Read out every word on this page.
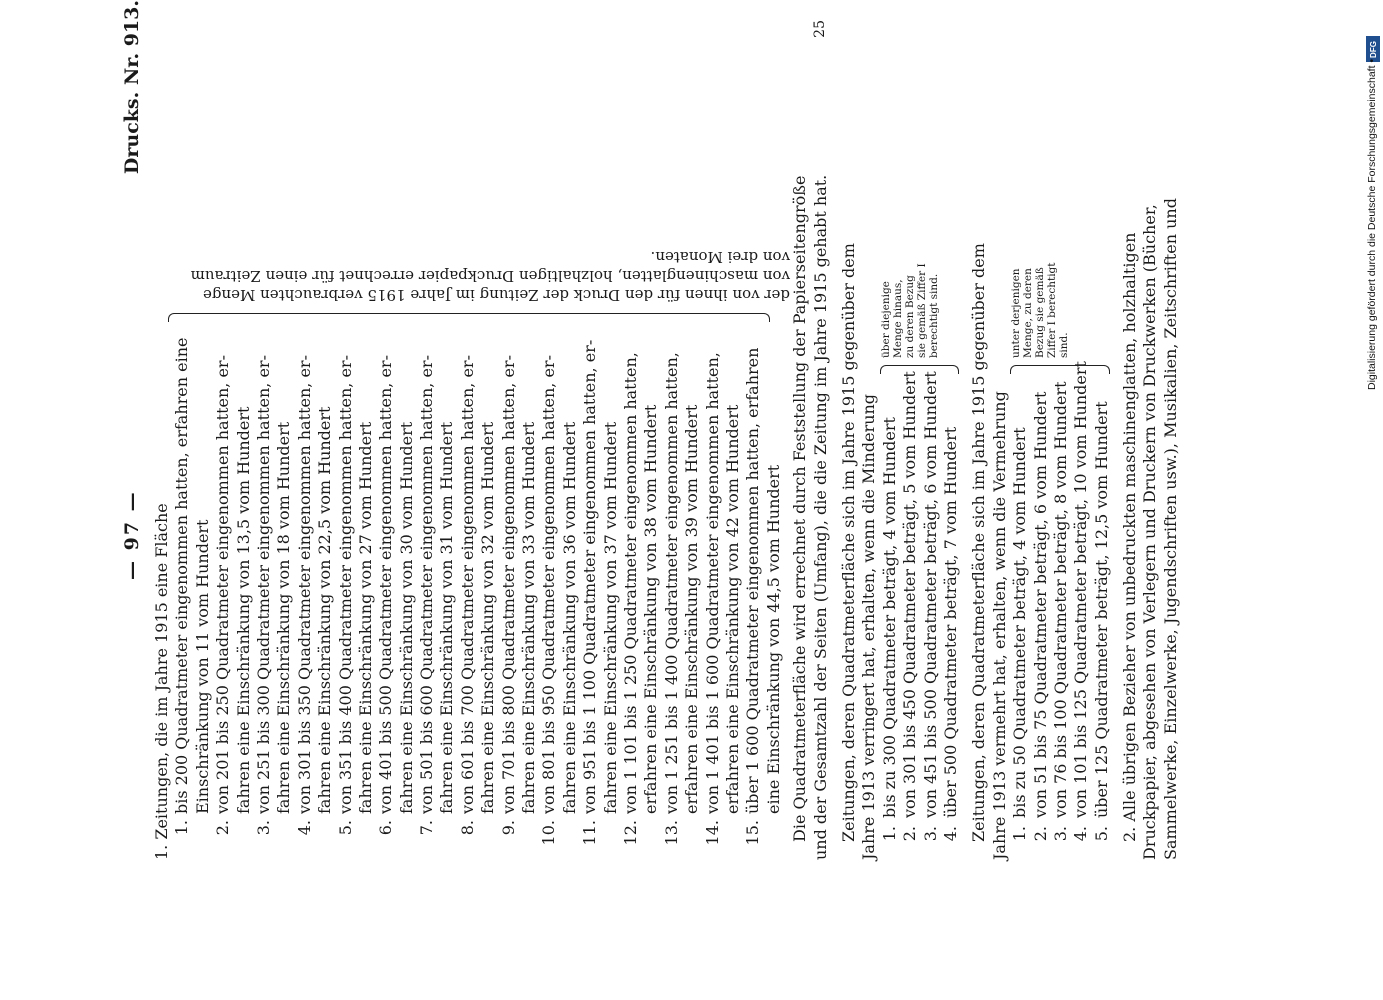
— 97 —
Drucks. Nr. 913.
1. Zeitungen, die im Jahre 1915 eine Fläche 1.bis 200 Quadratmeter eingenommen hatten, erfahren eine Einschränkung von 11 vom Hundert
2.von 201 bis 250 Quadratmeter eingenommen hatten, er- fahren eine Einschränkung von 13,5 vom Hundert
3.von 251 bis 300 Quadratmeter eingenommen hatten, er- fahren eine Einschränkung von 18 vom Hundert
4.von 301 bis 350 Quadratmeter eingenommen hatten, er- fahren eine Einschränkung von 22,5 vom Hundert
5.von 351 bis 400 Quadratmeter eingenommen hatten, er- fahren eine Einschränkung von 27 vom Hundert
6.von 401 bis 500 Quadratmeter eingenommen hatten, er- fahren eine Einschränkung von 30 vom Hundert
7.von 501 bis 600 Quadratmeter eingenommen hatten, er- fahren eine Einschränkung von 31 vom Hundert
8.von 601 bis 700 Quadratmeter eingenommen hatten, er- fahren eine Einschränkung von 32 vom Hundert
9.von 701 bis 800 Quadratmeter eingenommen hatten, er- fahren eine Einschränkung von 33 vom Hundert
10.von 801 bis 950 Quadratmeter eingenommen hatten, er- fahren eine Einschränkung von 36 vom Hundert
11.von 951 bis 1 100 Quadratmeter eingenommen hatten, er- fahren eine Einschränkung von 37 vom Hundert
12.von 1 101 bis 1 250 Quadratmeter eingenommen hatten, erfahren eine Einschränkung von 38 vom Hundert
13.von 1 251 bis 1 400 Quadratmeter eingenommen hatten, erfahren eine Einschränkung von 39 vom Hundert
14.von 1 401 bis 1 600 Quadratmeter eingenommen hatten, erfahren eine Einschränkung von 42 vom Hundert
15.über 1 600 Quadratmeter eingenommen hatten, erfahren eine Einschränkung von 44,5 vom Hundert
der von ihnen für den Druck der Zeitung im Jahre 1915 verbrauchten Menge
von maschinenglatten, holzhaltigen Druckpapier errechnet für einen Zeitraum
von drei Monaten. Die Quadratmeterfläche wird errechnet durch Feststellung der Papierseitengröße und der Gesamtzahl der Seiten (Umfang), die die Zeitung im Jahre 1915 gehabt hat. Zeitungen, deren Quadratmeterfläche sich im Jahre 1915 gegenüber dem Jahre 1913 verringert hat, erhalten, wenn die Minderung 1.bis zu 300 Quadratmeter beträgt, 4 vom Hundert
2.von 301 bis 450 Quadratmeter beträgt, 5 vom Hundert
3.von 451 bis 500 Quadratmeter beträgt, 6 vom Hundert
4.über 500 Quadratmeter beträgt, 7 vom Hundert
über diejenige Menge hinaus, zu deren Bezug sie gemäß Ziffer I berechtigt sind. Zeitungen, deren Quadratmeterfläche sich im Jahre 1915 gegenüber dem Jahre 1913 vermehrt hat, erhalten, wenn die Vermehrung 1.bis zu 50 Quadratmeter beträgt, 4 vom Hundert
2.von 51 bis 75 Quadratmeter beträgt, 6 vom Hundert
3.von 76 bis 100 Quadratmeter beträgt, 8 vom Hundert
4.von 101 bis 125 Quadratmeter beträgt, 10 vom Hundert
5.über 125 Quadratmeter beträgt, 12,5 vom Hundert
unter derjenigen Menge, zu deren Bezug sie gemäß Ziffer I berechtigt sind.	2. Alle übrigen Bezieher von unbedruckten maschinenglatten, holzhaltigen Druckpapier, abgesehen von Verlegern und Druckern von Druckwerken (Bücher, Sammelwerke, Einzelwerke, Jugendschriften usw.), Musikalien, Zeitschriften und
25
DFG
Digitalisierung gefördert durch die Deutsche Forschungsgemeinschaft •
